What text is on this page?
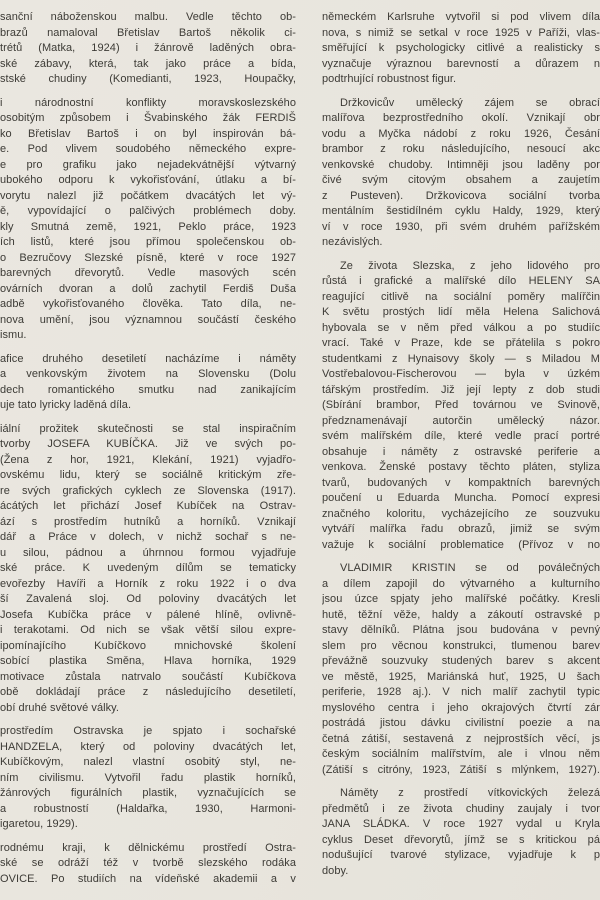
sanční náboženskou malbu. Vedle těchto ob-
brazů namaloval Břetislav Bartoš několik ci-
trétů (Matka, 1924) i žánrově laděných obra-
ské zábavy, která, tak jako práce a bída,
stské chudiny (Komedianti, 1923, Houpačky,
i národnostní konflikty moravskoslezského
osobitým způsobem i Švabinského žák FERDIŠ
ko Břetislav Bartoš i on byl inspirován bá-
e. Pod vlivem soudobého německého expre-
e pro grafiku jako nejadekvátnější výtvarný
ubokého odporu k vykořisťování, útlaku a bí-
vorytu nalezl již počátkem dvacátých let vý-
ě, vypovídající o palčivých problémech doby.
kly Smutná země, 1921, Peklo práce, 1923
ích listů, které jsou přímou společenskou ob-
o Bezručovy Slezské písně, které v roce 1927
barevných dřevorytů. Vedle masových scén
ovárních dvoran a dolů zachytil Ferdiš Duša
adbě vykořisťovaného člověka. Tato díla, ne-
nova umění, jsou významnou součástí českého
ismu.
afice druhého desetiletí nacházíme i náměty
a venkovským životem na Slovensku (Dolu
dech romantického smutku nad zanikajícím
uje tato lyricky laděná díla.
iální prožitek skutečnosti se stal inspiračním
tvorby JOSEFA KUBÍČKA. Již ve svých po-
(Žena z hor, 1921, Klekání, 1921) vyjadřo-
ovskému lidu, který se sociálně kritickým zře-
re svých grafických cyklech ze Slovenska (1917).
ácátých let přichází Josef Kubíček na Ostrav-
ází s prostředím hutníků a horníků. Vznikají
dář a Práce v dolech, v nichž sochař s ne-
u silou, pádnou a úhrnnou formou vyjadřuje
ské práce. K uvedeným dílům se tematicky
evořezby Havíři a Horník z roku 1922 i o dva
ší Zavalená sloj. Od poloviny dvacátých let
Josefa Kubíčka práce v pálené hlíně, ovlivně-
i terakotami. Od nich se však větší silou expre-
ipomínajícího Kubíčkovo mnichovské školení
sobící plastika Směna, Hlava horníka, 1929
motivace zůstala natrvalo součástí Kubíčkova
obě dokládají práce z následujícího desetiletí,
obí druhé světové války.
prostředím Ostravska je spjato i sochařské
HANDZELA, který od poloviny dvacátých let,
Kubíčkovým, nalezl vlastní osobitý styl, ne-
ním civilismu. Vytvořil řadu plastik horníků,
žánrových figurálních plastik, vyznačujících se
a robustností (Haldařka, 1930, Harmoni-
igaretou, 1929).
rodnému kraji, k dělnickému prostředí Ostra-
ské se odráží též v tvorbě slezského rodáka
OVICE. Po studiích na vídeňské akademii a v
německém Karlsruhe vytvořil si pod vlivem díla
nova, s nimiž se setkal v roce 1925 v Paříži, vlas-
směřující k psychologicky citlivé a realisticky s
vyznačuje výraznou barevností a důrazem n
podtrhující robustnost figur.
Držkovicův umělecký zájem se obrací
malířova bezprostředního okolí. Vznikají obr
vodu a Myčka nádobí z roku 1926, Česání
brambor z roku následujícího, nesoucí akc
venkovské chudoby. Intimněji jsou laděny por
čivé svým citovým obsahem a zaujetím
z Pusteven). Držkovicova sociální tvorba
mentálním šestidílném cyklu Haldy, 1929, který
ví v roce 1930, při svém druhém pařížském
nezávislých.
Ze života Slezska, z jeho lidového pro
růstá i grafické a malířské dílo HELENY SA
reagující citlivě na sociální poměry malířčin
K světu prostých lidí měla Helena Salichová
hybovala se v něm před válkou a po studiíc
vrací. Také v Praze, kde se přátelila s pokro
studentkami z Hynaisovy školy — s Miladou M
Vostřebalovou-Fischerovou — byla v úzkém
tářským prostředím. Již její lepty z dob studi
(Sbírání brambor, Před továrnou ve Svinově,
předznamenávají autorčin umělecký názor.
svém malířském díle, které vedle prací portré
obsahuje i náměty z ostravské periferie a
venkova. Ženské postavy těchto pláten, styliza
tvarů, budovaných v kompaktních barevných
poučení u Eduarda Muncha. Pomocí expresi
značného koloritu, vycházejícího ze souzvuku
vytváří malířka řadu obrazů, jimiž se svým
važuje k sociální problematice (Přívoz v no
VLADIMIR KRISTIN se od poválečných
a dílem zapojil do výtvarného a kulturního
jsou úzce spjaty jeho malířské počátky. Kresli
hutě, těžní věže, haldy a zákoutí ostravské p
stavy dělníků. Plátna jsou budována v pevný
slem pro věcnou konstrukci, tlumenou barev
převážně souzvuky studených barev s akcent
ve městě, 1925, Mariánská huť, 1925, U šach
periferie, 1928 aj.). V nich malíř zachytil typic
myslového centra i jeho okrajových čtvrtí zár
postrádá jistou dávku civilistní poezie a na
četná zátiší, sestavená z nejprostších věcí, js
českým sociálním malířstvím, ale i vlnou něm
(Zátiší s citróny, 1923, Zátiší s mlýnkem, 1927).
Náměty z prostředí vítkovických železá
předmětů i ze života chudiny zaujaly i tvor
JANA SLÁDKA. V roce 1927 vydal u Kryla
cyklus Deset dřevorytů, jímž se s kritickou pá
nodušující tvarové stylizace, vyjadřuje k p
doby.
